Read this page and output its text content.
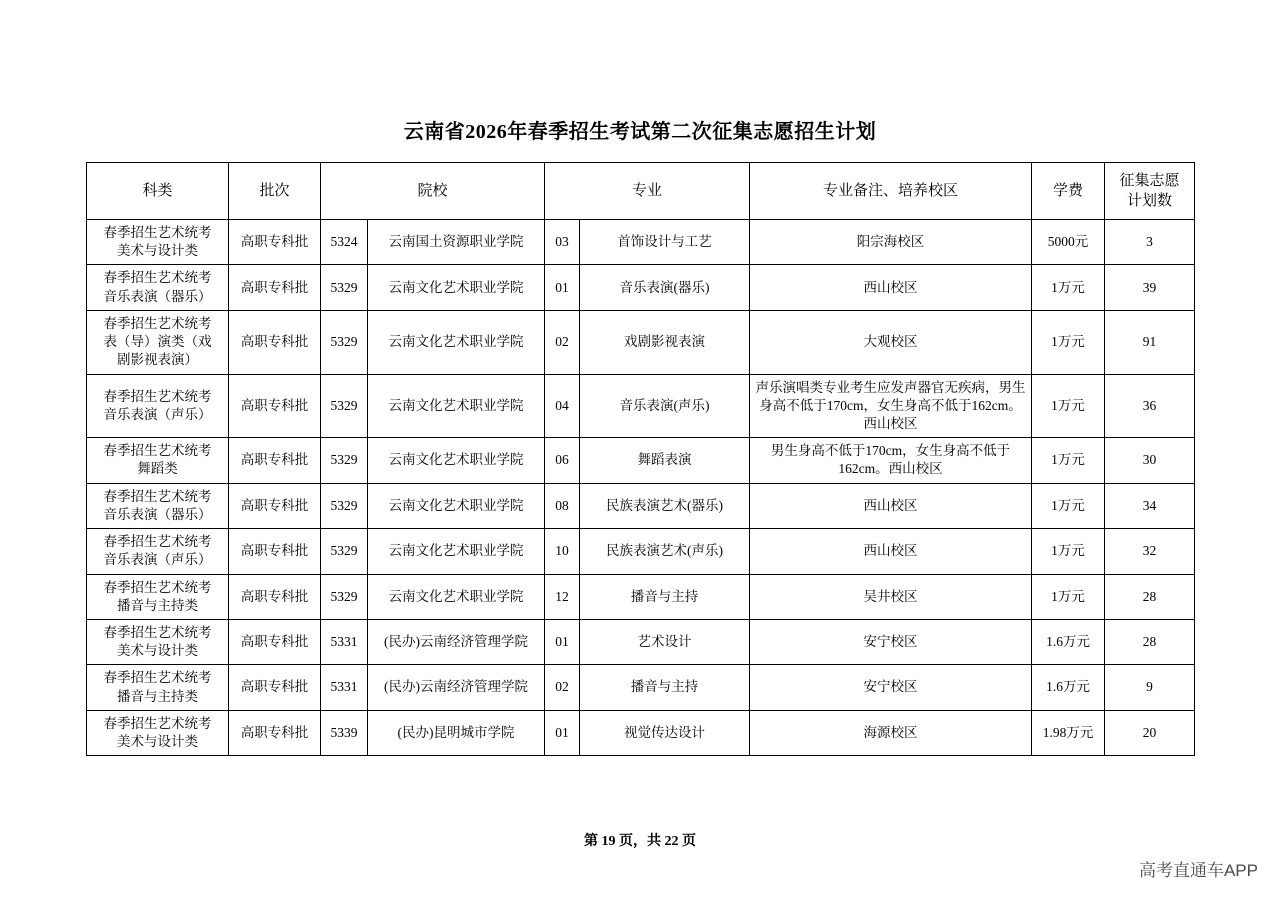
云南省2026年春季招生考试第二次征集志愿招生计划
科类	批次	院校		专业		专业备注、培养校区	学费	征集志愿
计划数

春季招生艺术统考
美术与设计类	高职专科批	5324	云南国土资源职业学院	03	首饰设计与工艺	阳宗海校区	5000元	3

春季招生艺术统考
音乐表演（器乐）	高职专科批	5329	云南文化艺术职业学院	01	音乐表演(器乐)	西山校区	1万元	39

春季招生艺术统考
表（导）演类（戏
剧影视表演）	高职专科批	5329	云南文化艺术职业学院	02	戏剧影视表演	大观校区	1万元	91

春季招生艺术统考
音乐表演（声乐）	高职专科批	5329	云南文化艺术职业学院	04	音乐表演(声乐)	声乐演唱类专业考生应发声器官无疾病，男生身高不低于170cm，女生身高不低于162cm。西山校区	1万元	36

春季招生艺术统考
舞蹈类	高职专科批	5329	云南文化艺术职业学院	06	舞蹈表演	男生身高不低于170cm，女生身高不低于162cm。西山校区	1万元	30

春季招生艺术统考
音乐表演（器乐）	高职专科批	5329	云南文化艺术职业学院	08	民族表演艺术(器乐)	西山校区	1万元	34

春季招生艺术统考
音乐表演（声乐）	高职专科批	5329	云南文化艺术职业学院	10	民族表演艺术(声乐)	西山校区	1万元	32

春季招生艺术统考
播音与主持类	高职专科批	5329	云南文化艺术职业学院	12	播音与主持	吴井校区	1万元	28

春季招生艺术统考
美术与设计类	高职专科批	5331	(民办)云南经济管理学院	01	艺术设计	安宁校区	1.6万元	28

春季招生艺术统考
播音与主持类	高职专科批	5331	(民办)云南经济管理学院	02	播音与主持	安宁校区	1.6万元	9

春季招生艺术统考
美术与设计类	高职专科批	5339	(民办)昆明城市学院	01	视觉传达设计	海源校区	1.98万元	20
第 19 页，共 22 页
高考直通车APP
